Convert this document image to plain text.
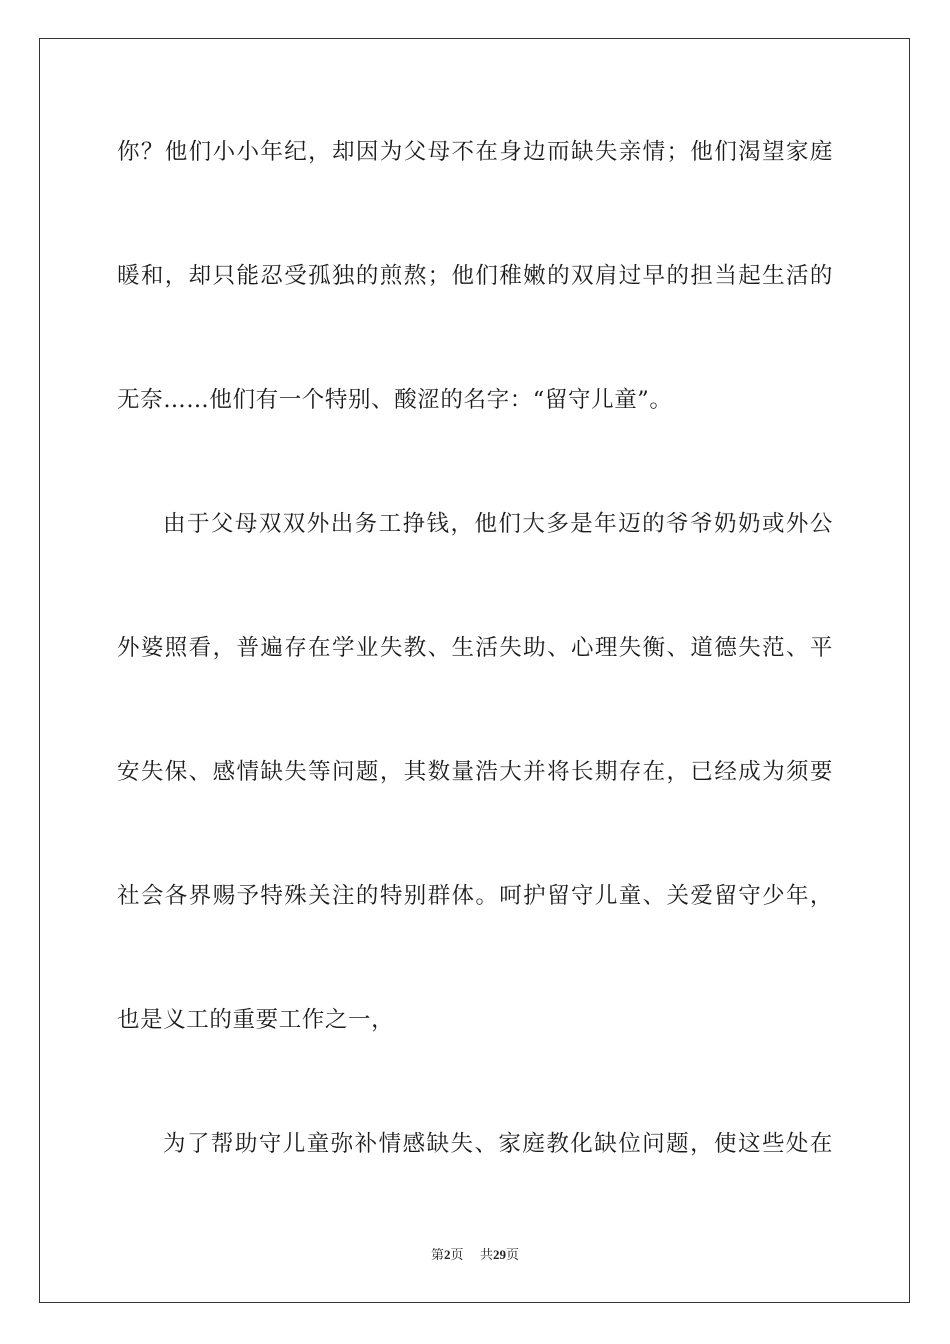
你？他们小小年纪，却因为父母不在身边而缺失亲情；他们渴望家庭
暖和，却只能忍受孤独的煎熬；他们稚嫩的双肩过早的担当起生活的
无奈……他们有一个特别、酸涩的名字：“留守儿童”。
由于父母双双外出务工挣钱，他们大多是年迈的爷爷奶奶或外公
外婆照看，普遍存在学业失教、生活失助、心理失衡、道德失范、平
安失保、感情缺失等问题，其数量浩大并将长期存在，已经成为须要
社会各界赐予特殊关注的特别群体。呵护留守儿童、关爱留守少年，
也是义工的重要工作之一，
为了帮助守儿童弥补情感缺失、家庭教化缺位问题，使这些处在
第2页 共29页
